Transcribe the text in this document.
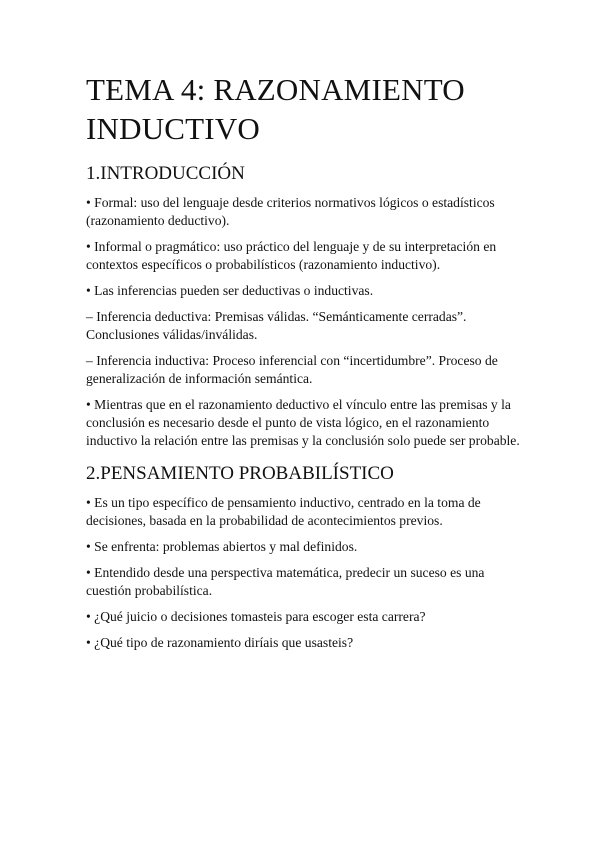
TEMA 4: RAZONAMIENTO
INDUCTIVO
1.INTRODUCCIÓN

• Formal: uso del lenguaje desde criterios normativos lógicos o estadísticos (razonamiento deductivo).

• Informal o pragmático: uso práctico del lenguaje y de su interpretación en contextos específicos o probabilísticos (razonamiento inductivo).

• Las inferencias pueden ser deductivas o inductivas.

– Inferencia deductiva: Premisas válidas. “Semánticamente cerradas”. Conclusiones válidas/inválidas.

– Inferencia inductiva: Proceso inferencial con “incertidumbre”. Proceso de generalización de información semántica.

• Mientras que en el razonamiento deductivo el vínculo entre las premisas y la conclusión es necesario desde el punto de vista lógico, en el razonamiento inductivo la relación entre las premisas y la conclusión solo puede ser probable.

2.PENSAMIENTO PROBABILÍSTICO

• Es un tipo específico de pensamiento inductivo, centrado en la toma de decisiones, basada en la probabilidad de acontecimientos previos.

• Se enfrenta: problemas abiertos y mal definidos.

• Entendido desde una perspectiva matemática, predecir un suceso es una cuestión probabilística.

• ¿Qué juicio o decisiones tomasteis para escoger esta carrera?

• ¿Qué tipo de razonamiento diríais que usasteis?
